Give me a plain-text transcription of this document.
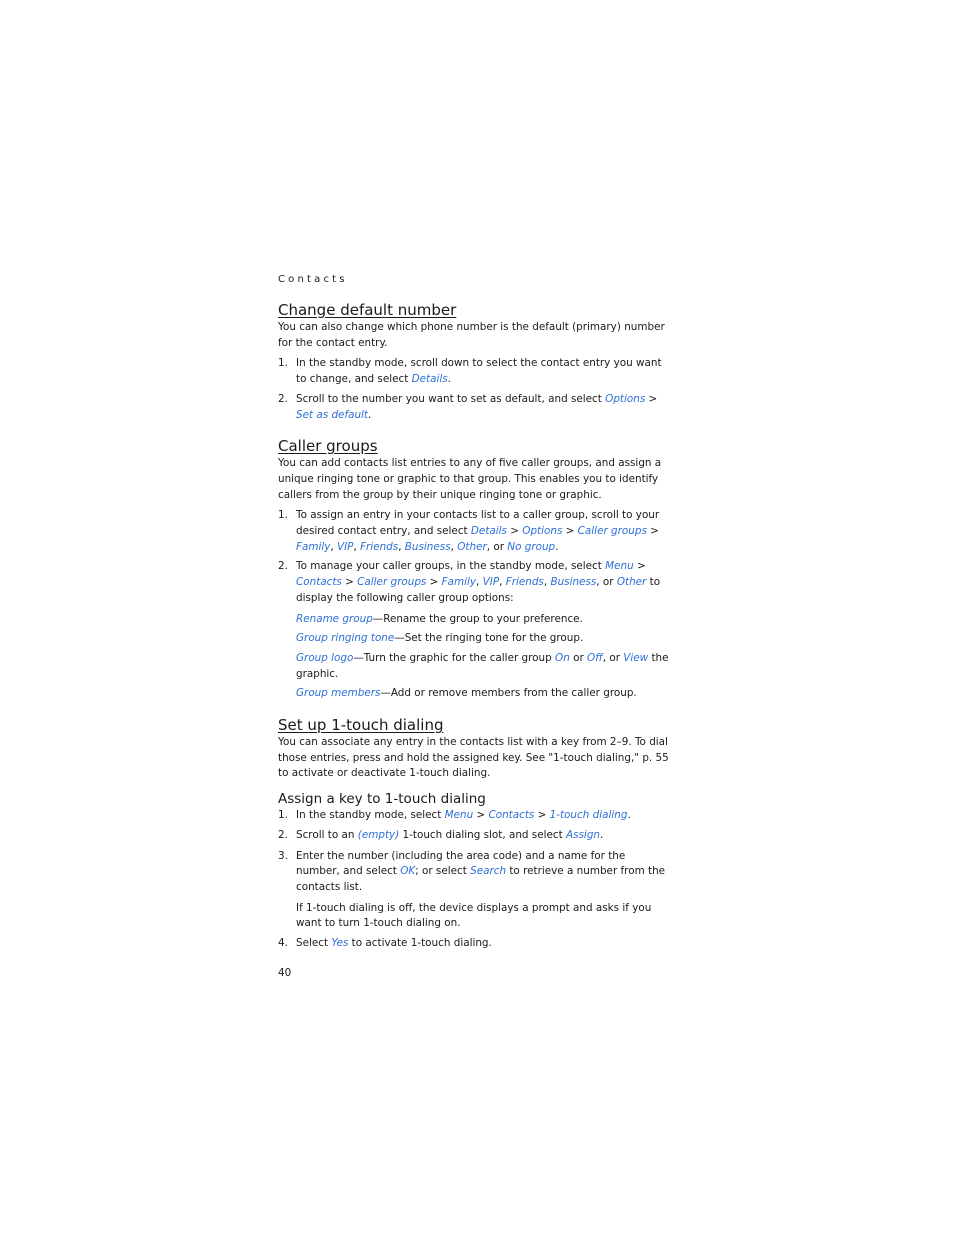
Contacts
Change default number

You can also change which phone number is the default (primary) number for the contact entry.

1. In the standby mode, scroll down to select the contact entry you want to change, and select Details.
2. Scroll to the number you want to set as default, and select Options > Set as default.
Caller groups

You can add contacts list entries to any of five caller groups, and assign a unique ringing tone or graphic to that group. This enables you to identify callers from the group by their unique ringing tone or graphic.

1. To assign an entry in your contacts list to a caller group, scroll to your desired contact entry, and select Details > Options > Caller groups > Family, VIP, Friends, Business, Other, or No group.
2. To manage your caller groups, in the standby mode, select Menu > Contacts > Caller groups > Family, VIP, Friends, Business, or Other to display the following caller group options:
Rename group—Rename the group to your preference.
Group ringing tone—Set the ringing tone for the group.
Group logo—Turn the graphic for the caller group On or Off, or View the graphic.
Group members—Add or remove members from the caller group.
Set up 1-touch dialing

You can associate any entry in the contacts list with a key from 2–9. To dial those entries, press and hold the assigned key. See "1-touch dialing," p. 55 to activate or deactivate 1-touch dialing.

Assign a key to 1-touch dialing
1. In the standby mode, select Menu > Contacts > 1-touch dialing.
2. Scroll to an (empty) 1-touch dialing slot, and select Assign.
3. Enter the number (including the area code) and a name for the number, and select OK; or select Search to retrieve a number from the contacts list.
If 1-touch dialing is off, the device displays a prompt and asks if you want to turn 1-touch dialing on.
4. Select Yes to activate 1-touch dialing.
40
